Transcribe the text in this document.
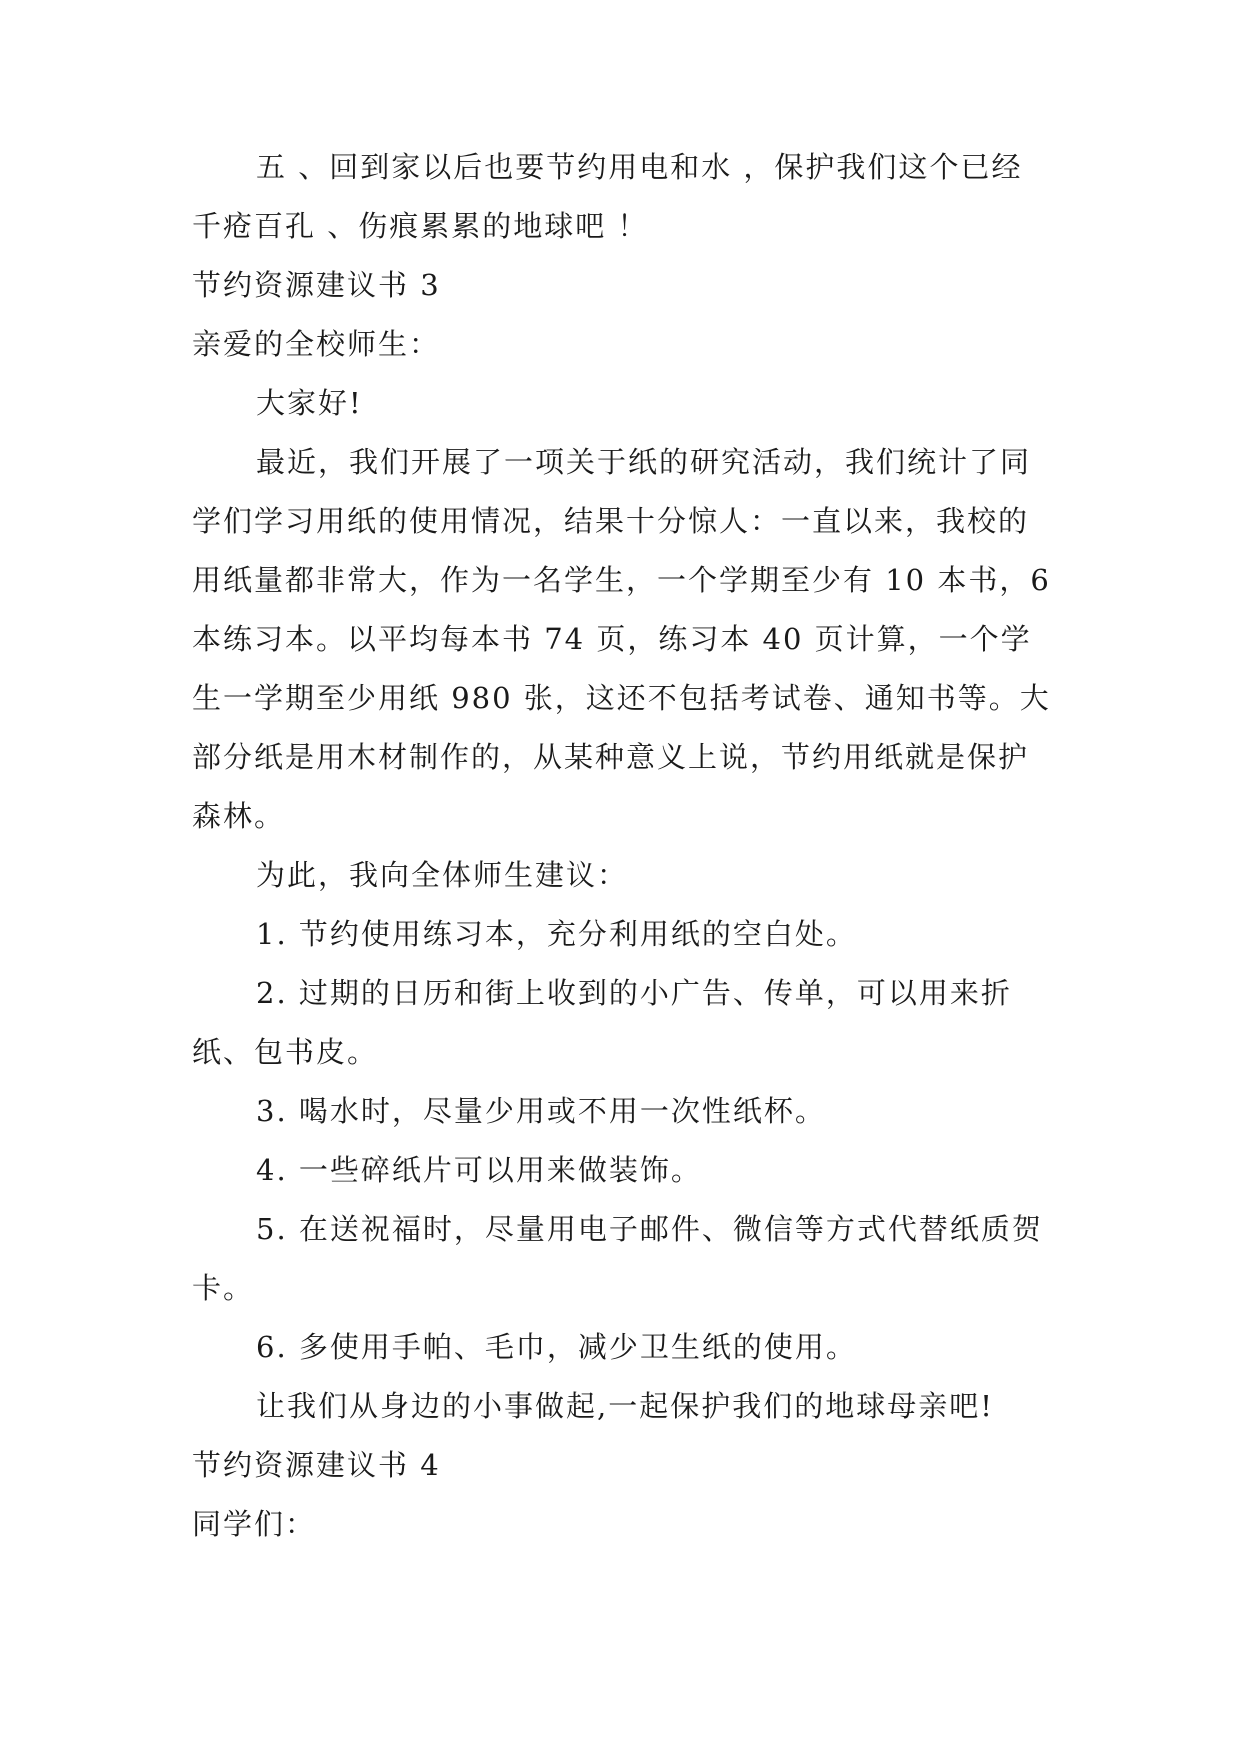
五 、回到家以后也要节约用电和水 ，保护我们这个已经千疮百孔 、伤痕累累的地球吧 ！
节约资源建议书 3
亲爱的全校师生：
大家好!
最近，我们开展了一项关于纸的研究活动，我们统计了同学们学习用纸的使用情况，结果十分惊人：一直以来，我校的用纸量都非常大，作为一名学生，一个学期至少有 10 本书，6 本练习本。以平均每本书 74 页，练习本 40 页计算，一个学生一学期至少用纸 980 张，这还不包括考试卷、通知书等。大部分纸是用木材制作的，从某种意义上说，节约用纸就是保护森林。
为此，我向全体师生建议：
1. 节约使用练习本，充分利用纸的空白处。
2. 过期的日历和街上收到的小广告、传单，可以用来折纸、包书皮。
3. 喝水时，尽量少用或不用一次性纸杯。
4. 一些碎纸片可以用来做装饰。
5. 在送祝福时，尽量用电子邮件、微信等方式代替纸质贺卡。
6. 多使用手帕、毛巾，减少卫生纸的使用。
让我们从身边的小事做起,一起保护我们的地球母亲吧!
节约资源建议书 4
同学们：
